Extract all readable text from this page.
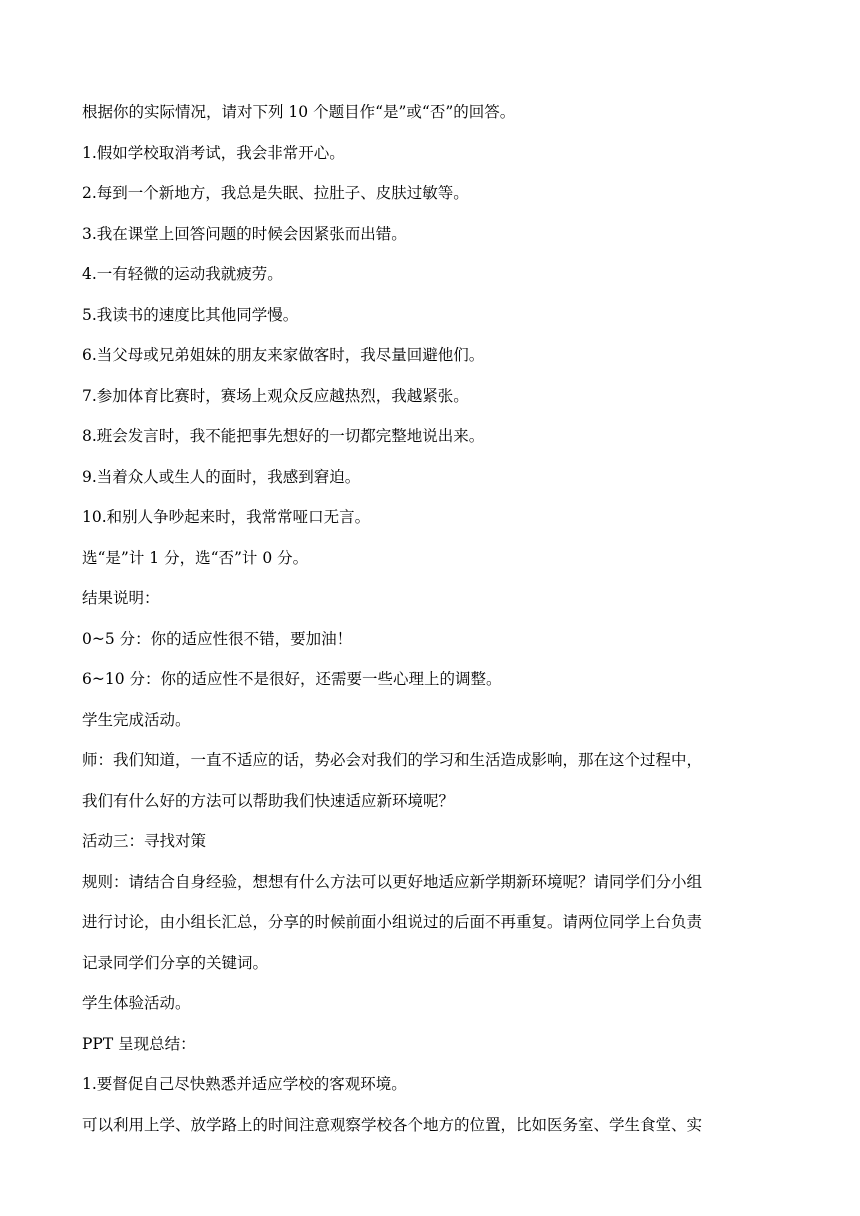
根据你的实际情况，请对下列 10 个题目作“是”或“否”的回答。
1.假如学校取消考试，我会非常开心。
2.每到一个新地方，我总是失眠、拉肚子、皮肤过敏等。
3.我在课堂上回答问题的时候会因紧张而出错。
4.一有轻微的运动我就疲劳。
5.我读书的速度比其他同学慢。
6.当父母或兄弟姐妹的朋友来家做客时，我尽量回避他们。
7.参加体育比赛时，赛场上观众反应越热烈，我越紧张。
8.班会发言时，我不能把事先想好的一切都完整地说出来。
9.当着众人或生人的面时，我感到窘迫。
10.和别人争吵起来时，我常常哑口无言。
选“是”计 1 分，选“否”计 0 分。
结果说明：
0~5 分：你的适应性很不错，要加油！
6~10 分：你的适应性不是很好，还需要一些心理上的调整。
学生完成活动。
师：我们知道，一直不适应的话，势必会对我们的学习和生活造成影响，那在这个过程中，
我们有什么好的方法可以帮助我们快速适应新环境呢？
活动三：寻找对策
规则：请结合自身经验，想想有什么方法可以更好地适应新学期新环境呢？请同学们分小组
进行讨论，由小组长汇总，分享的时候前面小组说过的后面不再重复。请两位同学上台负责
记录同学们分享的关键词。
学生体验活动。
PPT 呈现总结：
1.要督促自己尽快熟悉并适应学校的客观环境。
可以利用上学、放学路上的时间注意观察学校各个地方的位置，比如医务室、学生食堂、实
